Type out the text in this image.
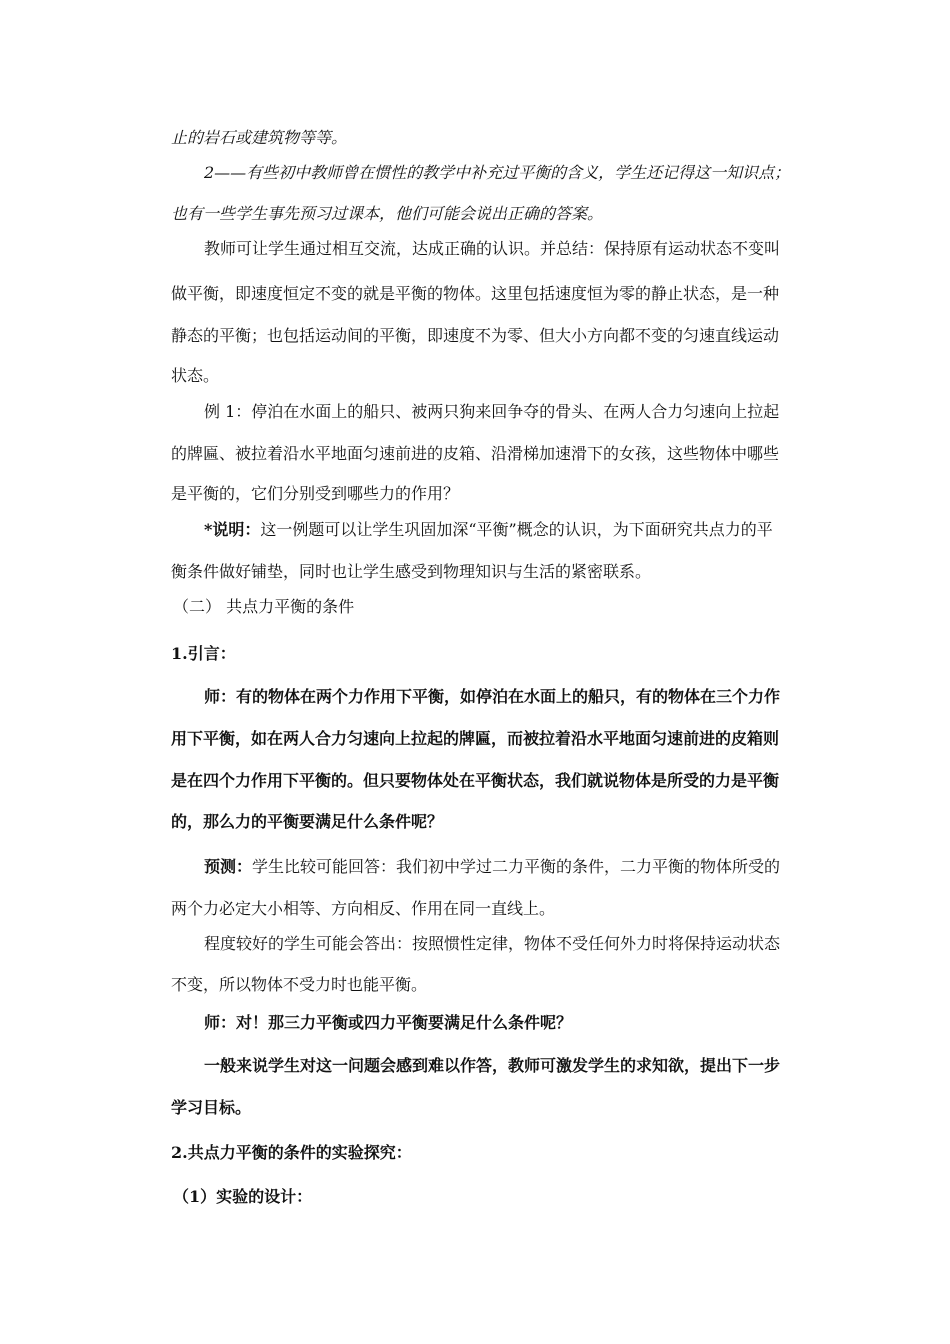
止的岩石或建筑物等等。
2——有些初中教师曾在惯性的教学中补充过平衡的含义，学生还记得这一知识点；
也有一些学生事先预习过课本，他们可能会说出正确的答案。
教师可让学生通过相互交流，达成正确的认识。并总结：保持原有运动状态不变叫
做平衡，即速度恒定不变的就是平衡的物体。这里包括速度恒为零的静止状态，是一种
静态的平衡；也包括运动间的平衡，即速度不为零、但大小方向都不变的匀速直线运动
状态。
例 1：停泊在水面上的船只、被两只狗来回争夺的骨头、在两人合力匀速向上拉起
的牌匾、被拉着沿水平地面匀速前进的皮箱、沿滑梯加速滑下的女孩，这些物体中哪些
是平衡的，它们分别受到哪些力的作用？
*说明：这一例题可以让学生巩固加深“平衡”概念的认识，为下面研究共点力的平
衡条件做好铺垫，同时也让学生感受到物理知识与生活的紧密联系。
（二） 共点力平衡的条件
1.引言：
师：有的物体在两个力作用下平衡，如停泊在水面上的船只，有的物体在三个力作
用下平衡，如在两人合力匀速向上拉起的牌匾，而被拉着沿水平地面匀速前进的皮箱则
是在四个力作用下平衡的。但只要物体处在平衡状态，我们就说物体是所受的力是平衡
的，那么力的平衡要满足什么条件呢？
预测：学生比较可能回答：我们初中学过二力平衡的条件，二力平衡的物体所受的
两个力必定大小相等、方向相反、作用在同一直线上。
程度较好的学生可能会答出：按照惯性定律，物体不受任何外力时将保持运动状态
不变，所以物体不受力时也能平衡。
师：对！那三力平衡或四力平衡要满足什么条件呢？
一般来说学生对这一问题会感到难以作答，教师可激发学生的求知欲，提出下一步
学习目标。
2.共点力平衡的条件的实验探究：
（1）实验的设计：
